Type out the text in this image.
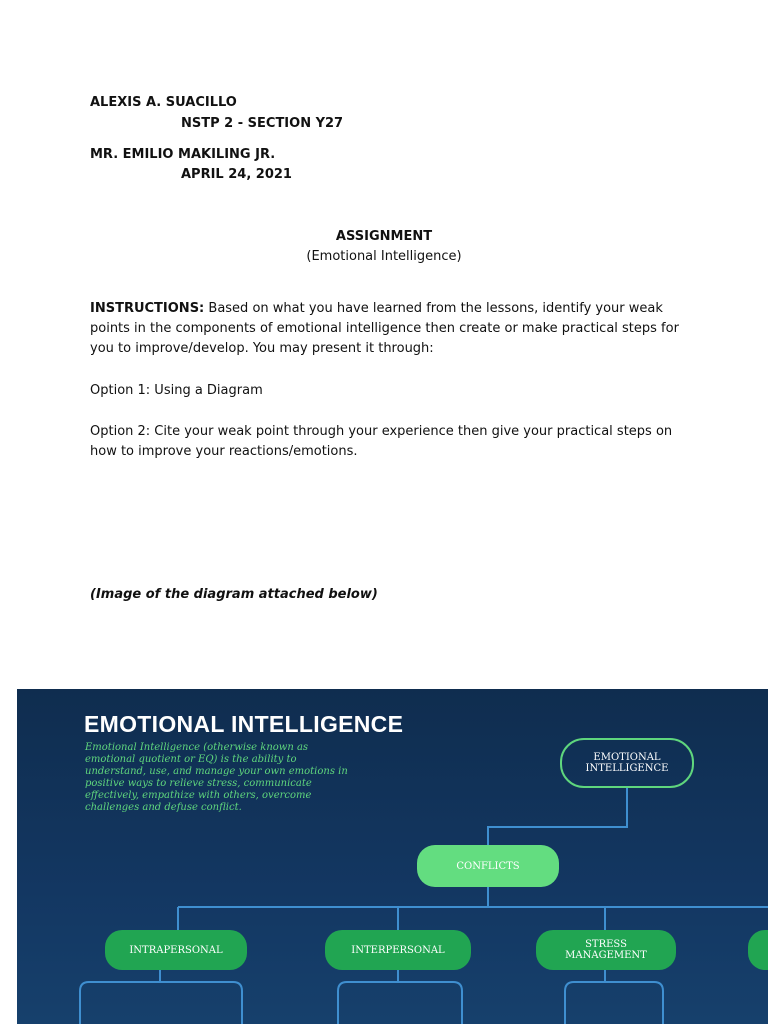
ALEXIS A. SUACILLO
NSTP 2 - SECTION Y27
MR. EMILIO MAKILING JR.
APRIL 24, 2021
ASSIGNMENT
(Emotional Intelligence)
INSTRUCTIONS: Based on what you have learned from the lessons, identify your weak points in the components of emotional intelligence then create or make practical steps for you to improve/develop. You may present it through:
Option 1: Using a Diagram
Option 2: Cite your weak point through your experience then give your practical steps on how to improve your reactions/emotions.
(Image of the diagram attached below)
EMOTIONAL INTELLIGENCE
Emotional Intelligence (otherwise known as emotional quotient or EQ) is the ability to understand, use, and manage your own emotions in positive ways to relieve stress, communicate effectively, empathize with others, overcome challenges and defuse conflict.
EMOTIONAL
INTELLIGENCE
CONFLICTS
INTRAPERSONAL	INTERPERSONAL	STRESS
MANAGEMENT
